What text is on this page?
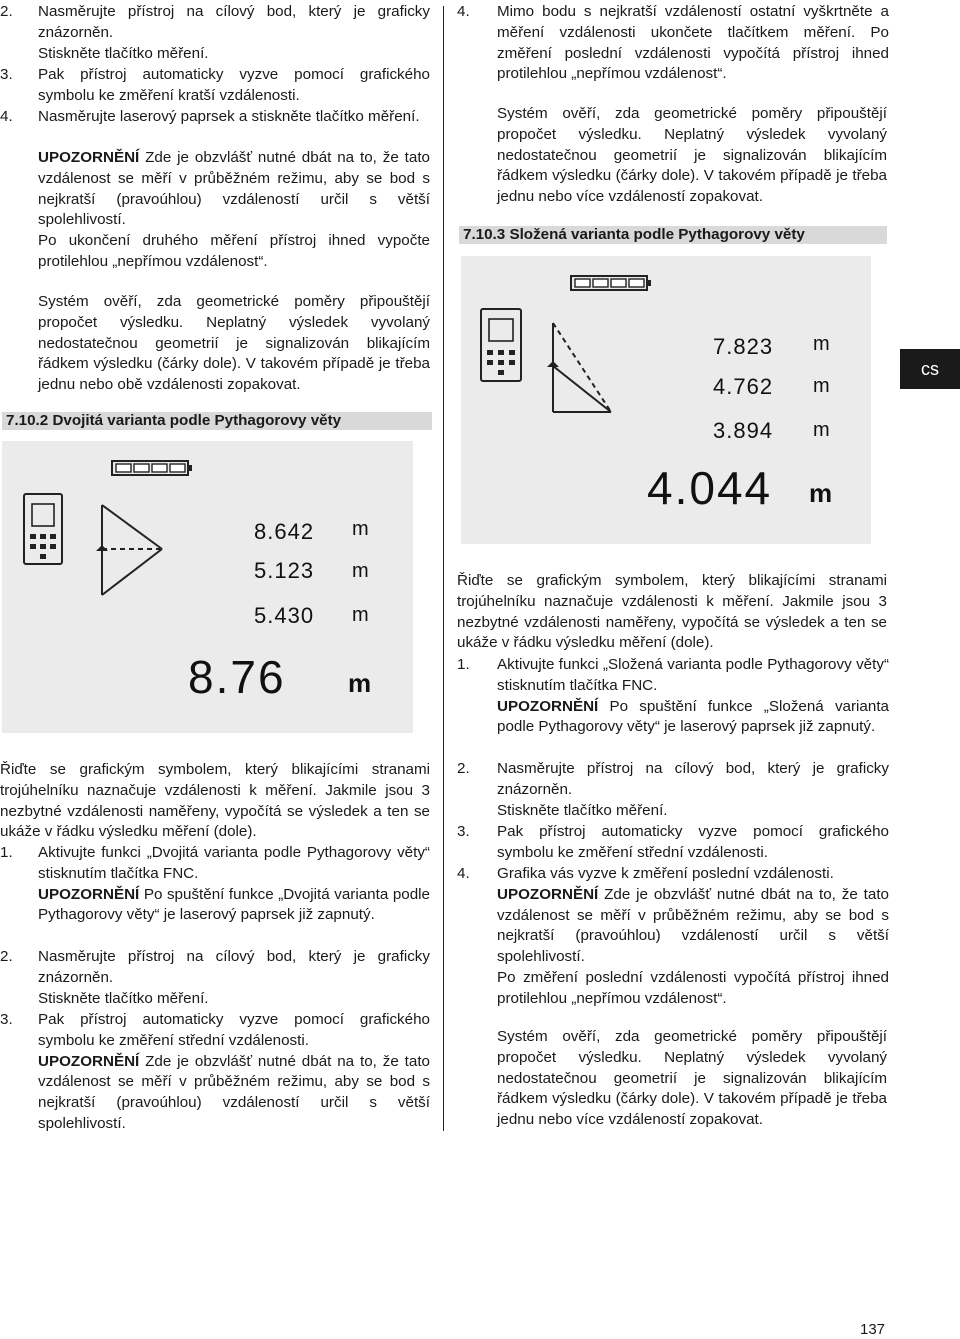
2.	Nasměrujte přístroj na cílový bod, který je graficky znázorněn.
Stiskněte tlačítko měření.
3.	Pak přístroj automaticky vyzve pomocí grafického symbolu ke změření kratší vzdálenosti.
4.	Nasměrujte laserový paprsek a stiskněte tlačítko měření.
UPOZORNĚNÍ Zde je obzvlášť nutné dbát na to, že tato vzdálenost se měří v průběžném režimu, aby se bod s nejkratší (pravoúhlou) vzdáleností určil s větší spolehlivostí.
Po ukončení druhého měření přístroj ihned vypočte protilehlou „nepřímou vzdálenost“.
Systém ověří, zda geometrické poměry připouštějí propočet výsledku. Neplatný výsledek vyvolaný nedostatečnou geometrií je signalizován blikajícím řádkem výsledku (čárky dole). V takovém případě je třeba jednu nebo obě vzdálenosti zopakovat.
7.10.2 Dvojitá varianta podle Pythagorovy věty
8.642 m
5.123 m
5.430 m
8.76 m
Řiďte se grafickým symbolem, který blikajícími stranami trojúhelníku naznačuje vzdálenosti k měření. Jakmile jsou 3 nezbytné vzdálenosti naměřeny, vypočítá se výsledek a ten se ukáže v řádku výsledku měření (dole).
1.	Aktivujte funkci „Dvojitá varianta podle Pythagorovy věty“ stisknutím tlačítka FNC.
UPOZORNĚNÍ Po spuštění funkce „Dvojitá varianta podle Pythagorovy věty“ je laserový paprsek již zapnutý.
2.	Nasměrujte přístroj na cílový bod, který je graficky znázorněn.
Stiskněte tlačítko měření.
3.	Pak přístroj automaticky vyzve pomocí grafického symbolu ke změření střední vzdálenosti.
UPOZORNĚNÍ Zde je obzvlášť nutné dbát na to, že tato vzdálenost se měří v průběžném režimu, aby se bod s nejkratší (pravoúhlou) vzdáleností určil s větší spolehlivostí.
4.	Mimo bodu s nejkratší vzdáleností ostatní vyškrtněte a měření vzdálenosti ukončete tlačítkem měření. Po změření poslední vzdálenosti vypočítá přístroj ihned protilehlou „nepřímou vzdálenost“.
Systém ověří, zda geometrické poměry připouštějí propočet výsledku. Neplatný výsledek vyvolaný nedostatečnou geometrií je signalizován blikajícím řádkem výsledku (čárky dole). V takovém případě je třeba jednu nebo více vzdáleností zopakovat.
7.10.3 Složená varianta podle Pythagorovy věty
7.823 m
4.762 m
3.894 m
4.044 m
Řiďte se grafickým symbolem, který blikajícími stranami trojúhelníku naznačuje vzdálenosti k měření. Jakmile jsou 3 nezbytné vzdálenosti naměřeny, vypočítá se výsledek a ten se ukáže v řádku výsledku měření (dole).
1.	Aktivujte funkci „Složená varianta podle Pythagorovy věty“ stisknutím tlačítka FNC.
UPOZORNĚNÍ Po spuštění funkce „Složená varianta podle Pythagorovy věty“ je laserový paprsek již zapnutý.
2.	Nasměrujte přístroj na cílový bod, který je graficky znázorněn.
Stiskněte tlačítko měření.
3.	Pak přístroj automaticky vyzve pomocí grafického symbolu ke změření střední vzdálenosti.
4.	Grafika vás vyzve k změření poslední vzdálenosti.
UPOZORNĚNÍ Zde je obzvlášť nutné dbát na to, že tato vzdálenost se měří v průběžném režimu, aby se bod s nejkratší (pravoúhlou) vzdáleností určil s větší spolehlivostí.
Po změření poslední vzdálenosti vypočítá přístroj ihned protilehlou „nepřímou vzdálenost“.
Systém ověří, zda geometrické poměry připouštějí propočet výsledku. Neplatný výsledek vyvolaný nedostatečnou geometrií je signalizován blikajícím řádkem výsledku (čárky dole). V takovém případě je třeba jednu nebo více vzdáleností zopakovat.
cs
137
